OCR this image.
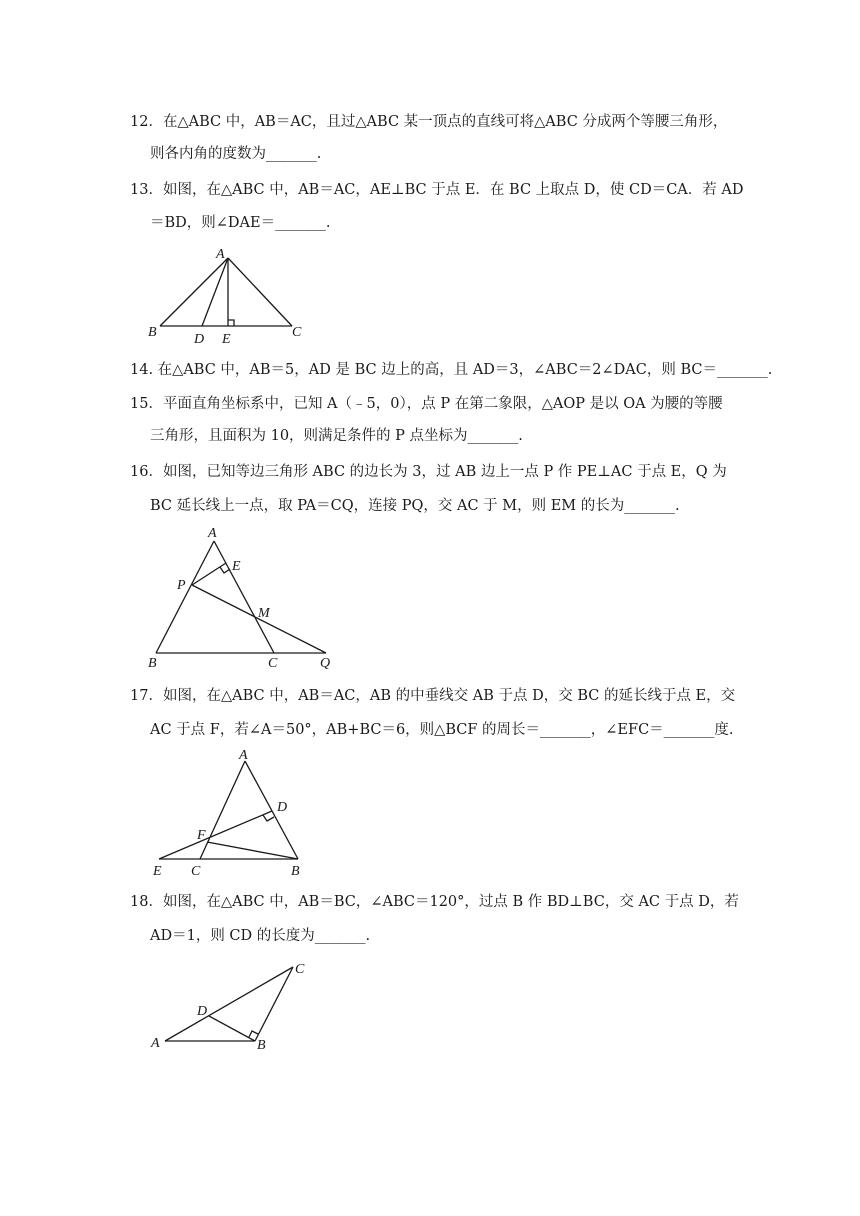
12．在△ABC 中，AB＝AC，且过△ABC 某一顶点的直线可将△ABC 分成两个等腰三角形，
则各内角的度数为_______.
13．如图，在△ABC 中，AB＝AC，AE⊥BC 于点 E．在 BC 上取点 D，使 CD＝CA．若 AD
＝BD，则∠DAE＝_______.
A
B	D E	C
14. 在△ABC 中，AB＝5，AD 是 BC 边上的高，且 AD＝3，∠ABC＝2∠DAC，则 BC＝_______.
15．平面直角坐标系中，已知 A（﹣5，0），点 P 在第二象限，△AOP 是以 OA 为腰的等腰
三角形，且面积为 10，则满足条件的 P 点坐标为_______.
16．如图，已知等边三角形 ABC 的边长为 3，过 AB 边上一点 P 作 PE⊥AC 于点 E，Q 为
BC 延长线上一点，取 PA＝CQ，连接 PQ，交 AC 于 M，则 EM 的长为_______.
A
E
P
M
B	C	Q
17．如图，在△ABC 中，AB＝AC，AB 的中垂线交 AB 于点 D，交 BC 的延长线于点 E，交
AC 于点 F，若∠A＝50°，AB+BC＝6，则△BCF 的周长＝_______，∠EFC＝_______度.
A
D
F
E C	B
18．如图，在△ABC 中，AB＝BC，∠ABC＝120°，过点 B 作 BD⊥BC，交 AC 于点 D，若
AD＝1，则 CD 的长度为_______.
C
D
A	B
